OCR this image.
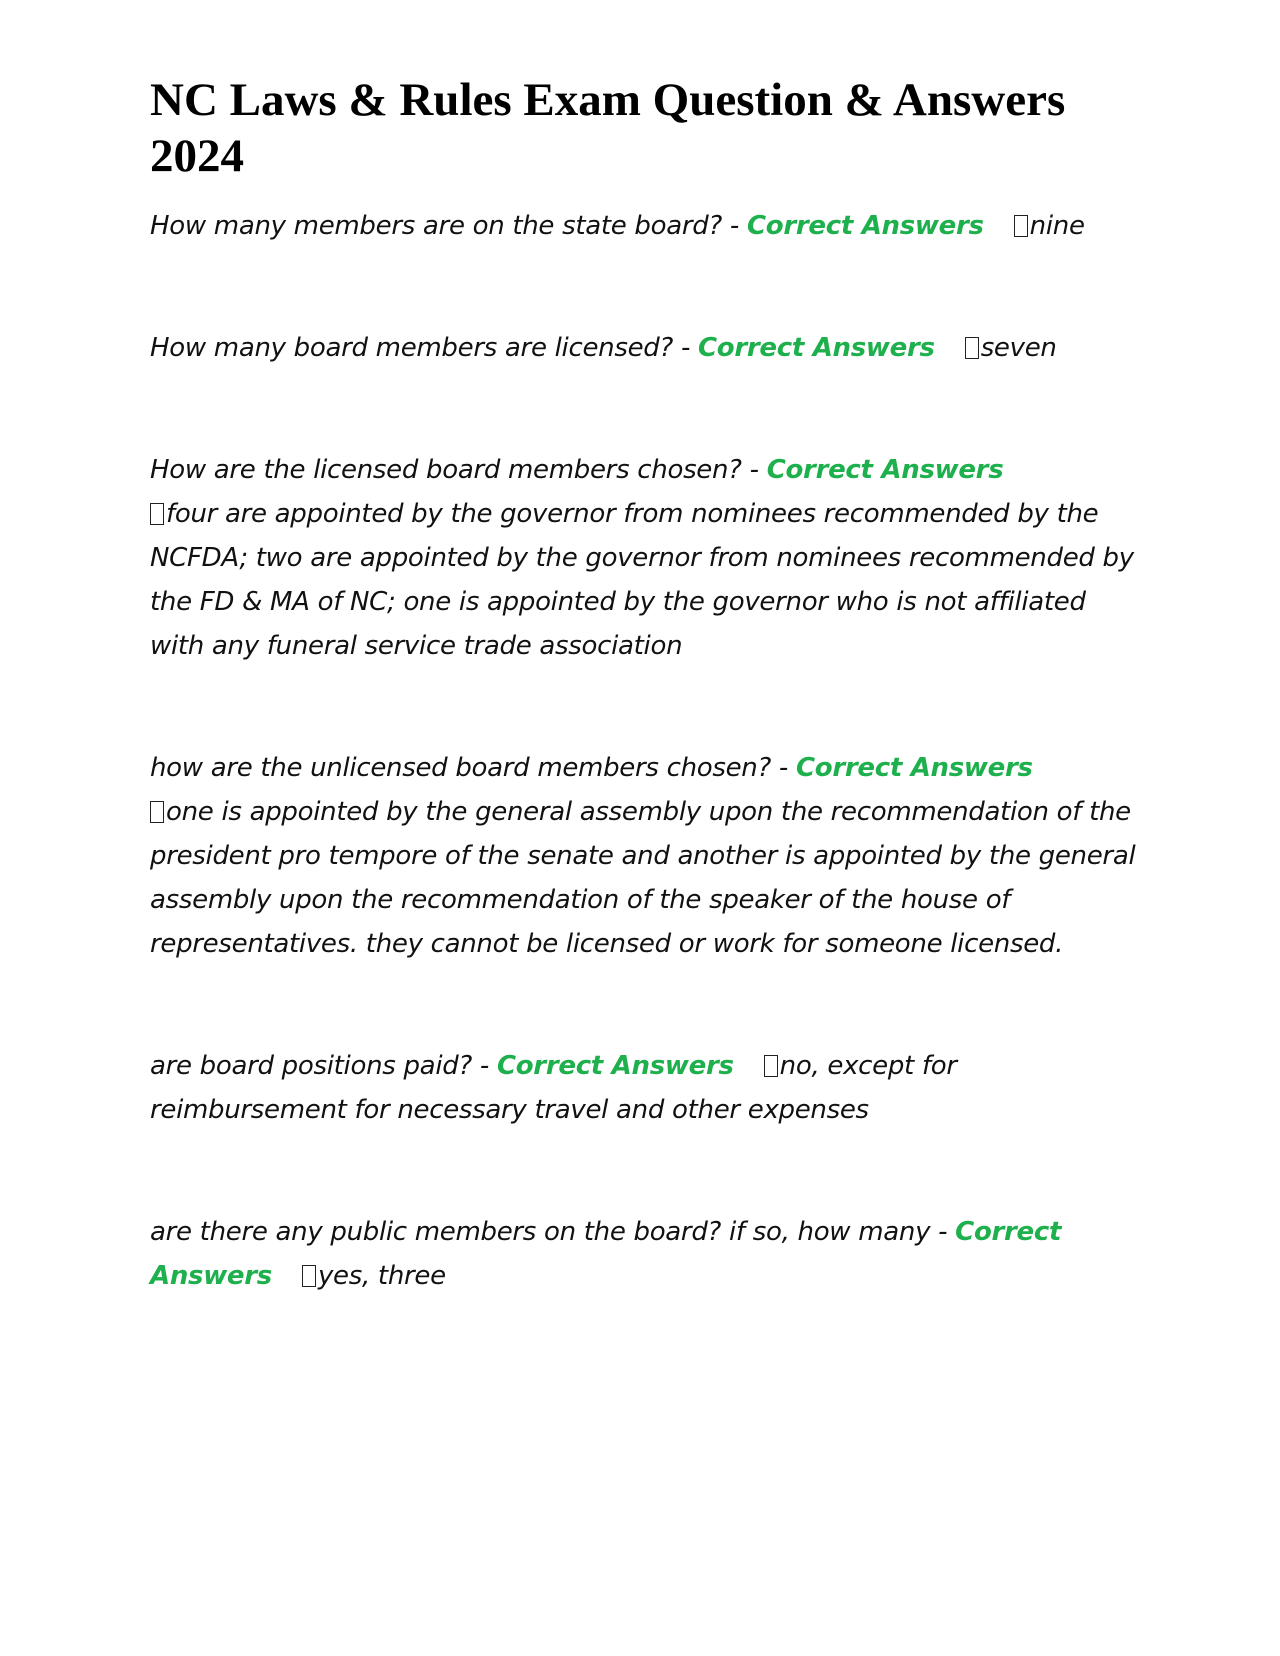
NC Laws & Rules Exam Question & Answers 2024
How many members are on the state board? - Correct Answers nine
How many board members are licensed? - Correct Answers seven
How are the licensed board members chosen? - Correct Answers
four are appointed by the governor from nominees recommended by the NCFDA; two are appointed by the governor from nominees recommended by the FD & MA of NC; one is appointed by the governor who is not affiliated with any funeral service trade association
how are the unlicensed board members chosen? - Correct Answers
one is appointed by the general assembly upon the recommendation of the president pro tempore of the senate and another is appointed by the general assembly upon the recommendation of the speaker of the house of representatives. they cannot be licensed or work for someone licensed.
are board positions paid? - Correct Answers no, except for reimbursement for necessary travel and other expenses
are there any public members on the board? if so, how many - Correct Answers yes, three
